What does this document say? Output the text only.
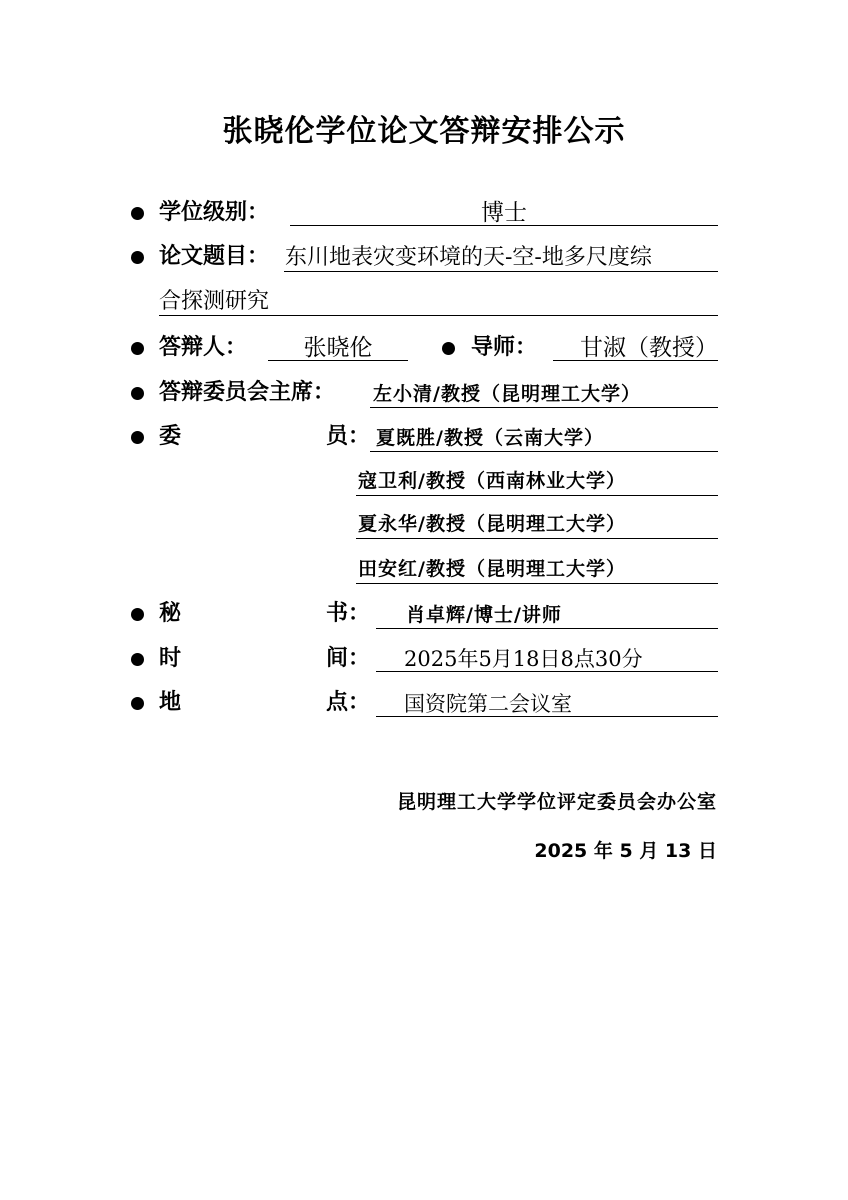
张晓伦学位论文答辩安排公示
学位级别：	博士
论文题目： 东川地表灾变环境的天-空-地多尺度综
合探测研究
答辩人：	张晓伦	导师：	甘淑（教授）
答辩委员会主席： 左小清/教授（昆明理工大学）
委	员： 夏既胜/教授（云南大学）
寇卫利/教授（西南林业大学）
夏永华/教授（昆明理工大学）
田安红/教授（昆明理工大学）
秘	书： 肖卓辉/博士/讲师
时	间： 2025年5月18日8点30分
地	点： 国资院第二会议室
昆明理工大学学位评定委员会办公室
2025 年 5 月 13 日
